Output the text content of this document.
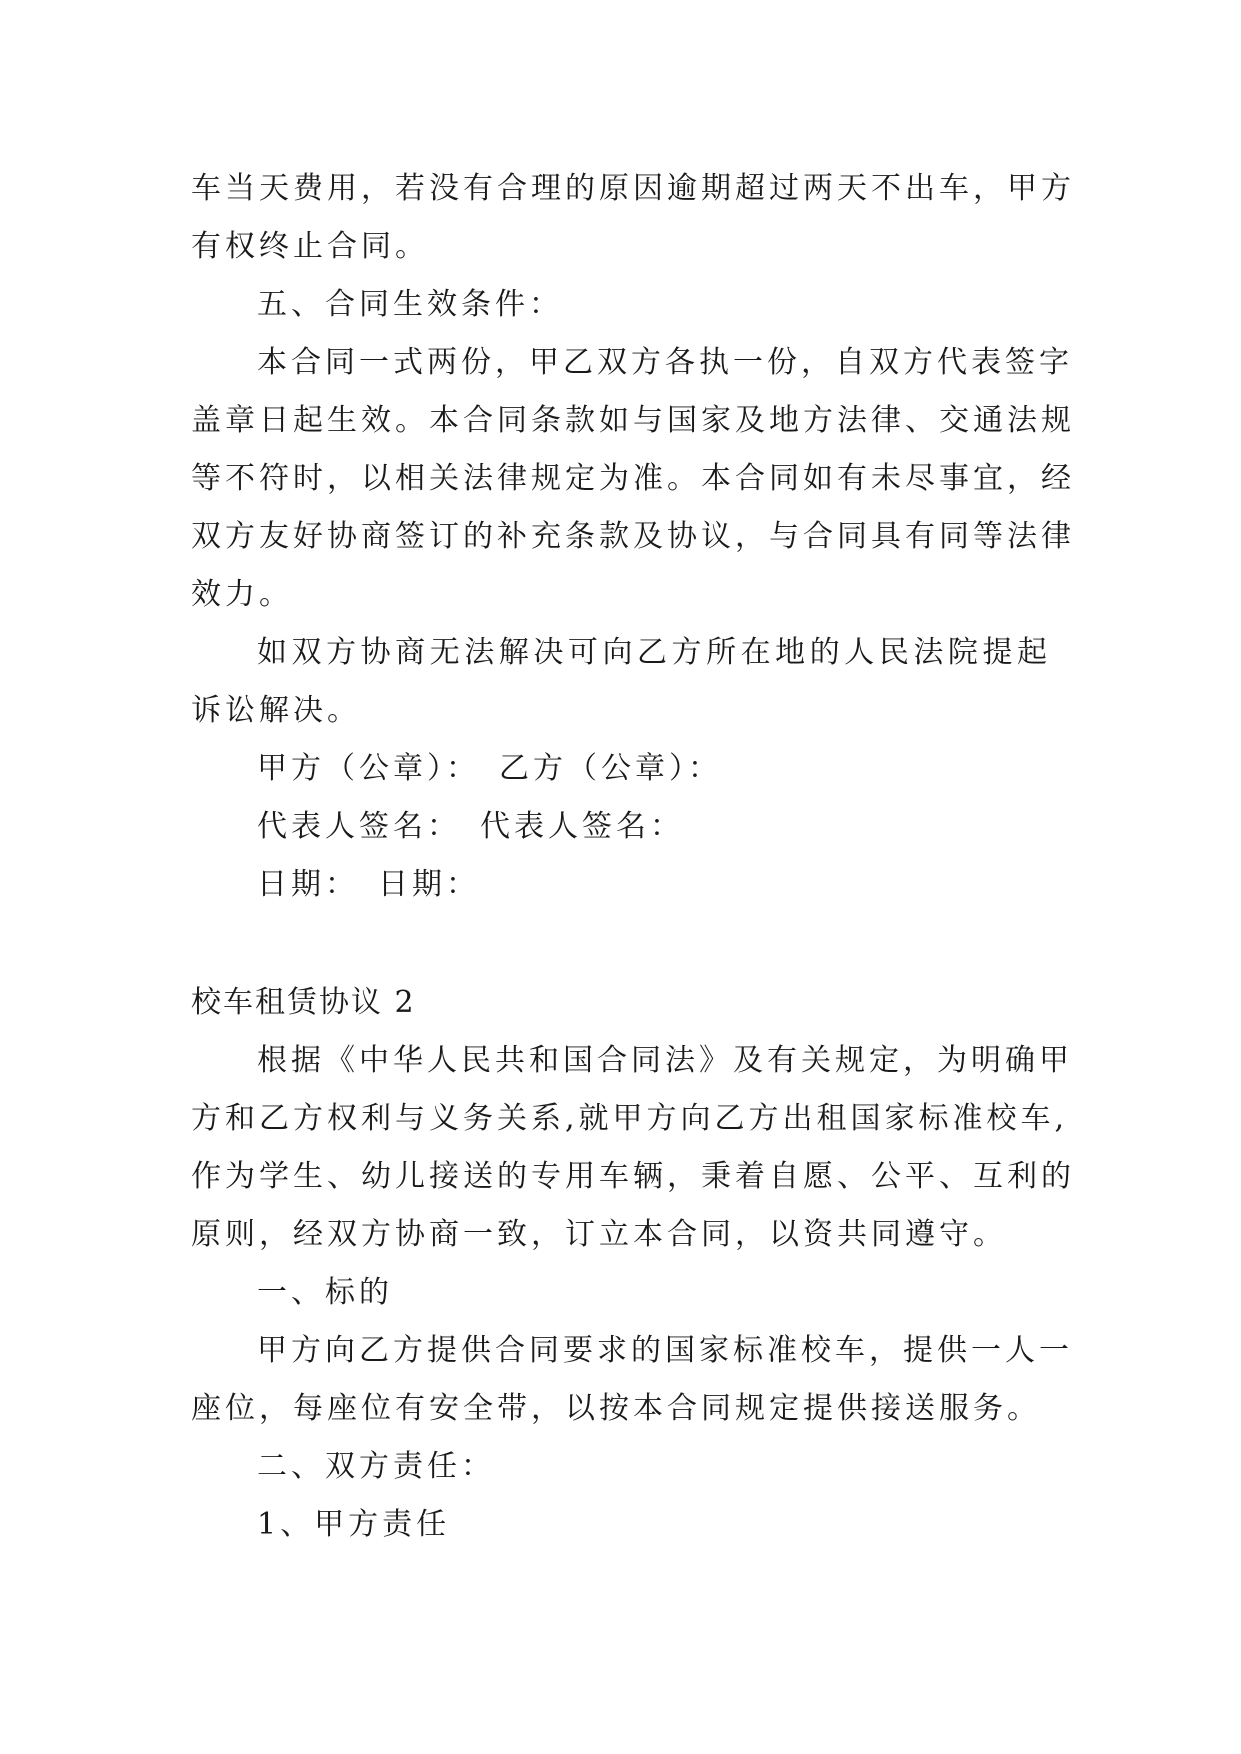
车当天费用，若没有合理的原因逾期超过两天不出车，甲方
有权终止合同。
五、合同生效条件：
本合同一式两份，甲乙双方各执一份，自双方代表签字
盖章日起生效。本合同条款如与国家及地方法律、交通法规
等不符时，以相关法律规定为准。本合同如有未尽事宜，经
双方友好协商签订的补充条款及协议，与合同具有同等法律
效力。
如双方协商无法解决可向乙方所在地的人民法院提起
诉讼解决。
甲方（公章）：　乙方（公章）：
代表人签名：　代表人签名：
日期：　日期：
校车租赁协议 2
根据《中华人民共和国合同法》及有关规定，为明确甲
方和乙方权利与义务关系,就甲方向乙方出租国家标准校车,
作为学生、幼儿接送的专用车辆，秉着自愿、公平、互利的
原则，经双方协商一致，订立本合同，以资共同遵守。
一、标的
甲方向乙方提供合同要求的国家标准校车，提供一人一
座位，每座位有安全带，以按本合同规定提供接送服务。
二、双方责任：
1、甲方责任
